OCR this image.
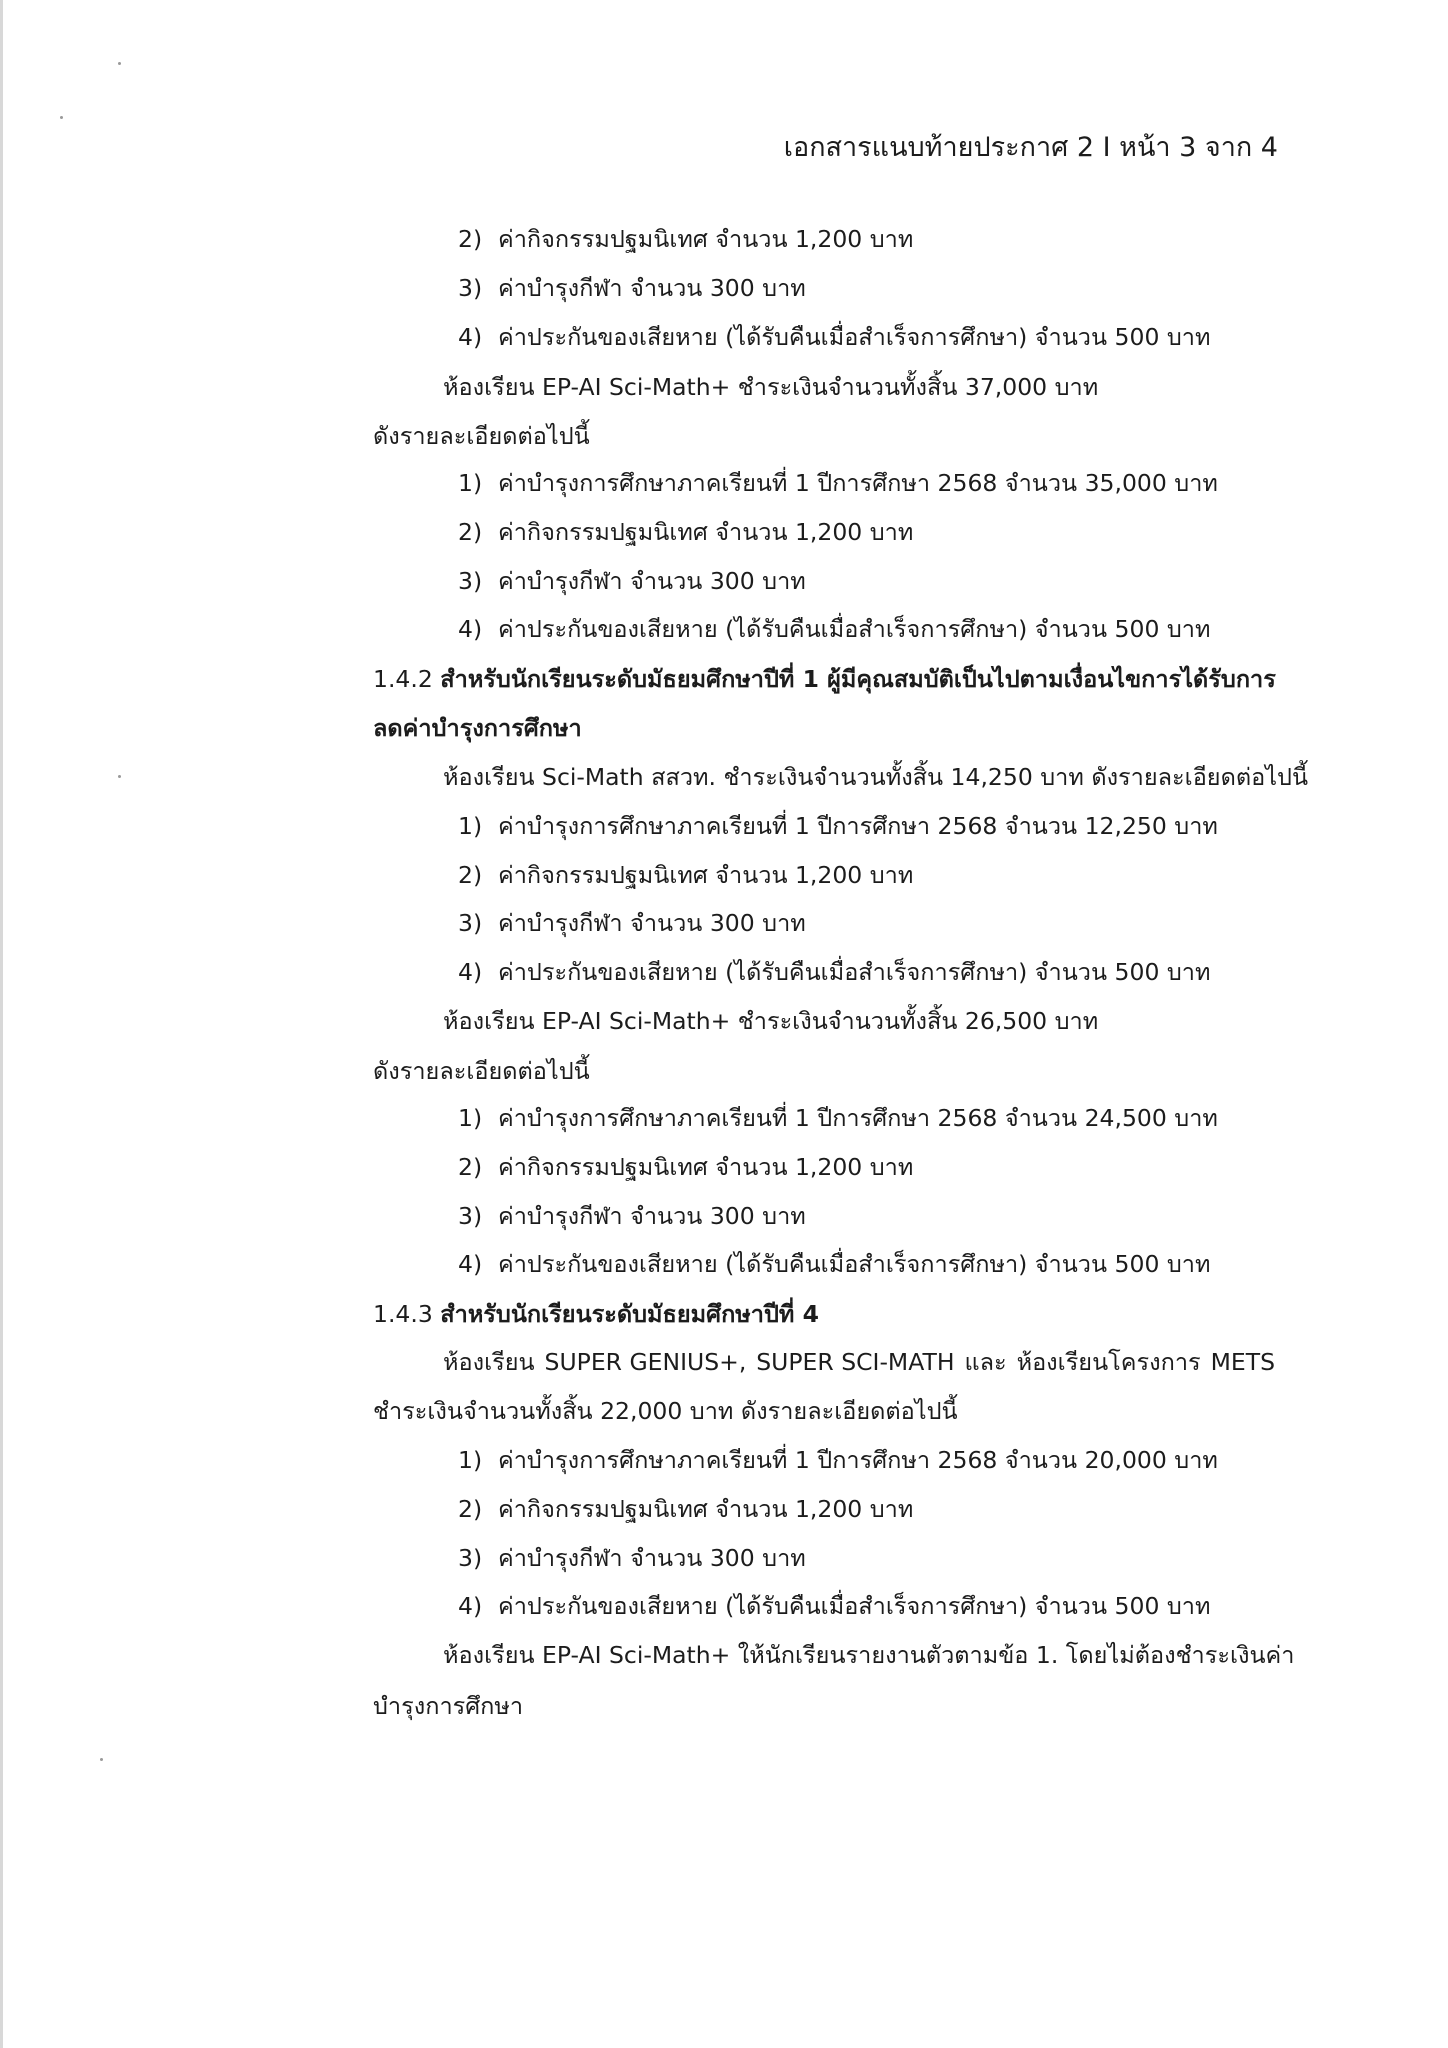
เอกสารแนบท้ายประกาศ 2 I หน้า 3 จาก 4
2) ค่ากิจกรรมปฐมนิเทศ จำนวน 1,200 บาท
3) ค่าบำรุงกีฬา จำนวน 300 บาท
4) ค่าประกันของเสียหาย (ได้รับคืนเมื่อสำเร็จการศึกษา) จำนวน 500 บาท
ห้องเรียน EP-AI Sci-Math+ ชำระเงินจำนวนทั้งสิ้น 37,000 บาท
ดังรายละเอียดต่อไปนี้
1) ค่าบำรุงการศึกษาภาคเรียนที่ 1 ปีการศึกษา 2568 จำนวน 35,000 บาท
2) ค่ากิจกรรมปฐมนิเทศ จำนวน 1,200 บาท
3) ค่าบำรุงกีฬา จำนวน 300 บาท
4) ค่าประกันของเสียหาย (ได้รับคืนเมื่อสำเร็จการศึกษา) จำนวน 500 บาท
1.4.2 สำหรับนักเรียนระดับมัธยมศึกษาปีที่ 1 ผู้มีคุณสมบัติเป็นไปตามเงื่อนไขการได้รับการ
ลดค่าบำรุงการศึกษา
ห้องเรียน Sci-Math สสวท. ชำระเงินจำนวนทั้งสิ้น 14,250 บาท ดังรายละเอียดต่อไปนี้
1) ค่าบำรุงการศึกษาภาคเรียนที่ 1 ปีการศึกษา 2568 จำนวน 12,250 บาท
2) ค่ากิจกรรมปฐมนิเทศ จำนวน 1,200 บาท
3) ค่าบำรุงกีฬา จำนวน 300 บาท
4) ค่าประกันของเสียหาย (ได้รับคืนเมื่อสำเร็จการศึกษา) จำนวน 500 บาท
ห้องเรียน EP-AI Sci-Math+ ชำระเงินจำนวนทั้งสิ้น 26,500 บาท
ดังรายละเอียดต่อไปนี้
1) ค่าบำรุงการศึกษาภาคเรียนที่ 1 ปีการศึกษา 2568 จำนวน 24,500 บาท
2) ค่ากิจกรรมปฐมนิเทศ จำนวน 1,200 บาท
3) ค่าบำรุงกีฬา จำนวน 300 บาท
4) ค่าประกันของเสียหาย (ได้รับคืนเมื่อสำเร็จการศึกษา) จำนวน 500 บาท
1.4.3 สำหรับนักเรียนระดับมัธยมศึกษาปีที่ 4
ห้องเรียน SUPER GENIUS+, SUPER SCI-MATH และ ห้องเรียนโครงการ METS
ชำระเงินจำนวนทั้งสิ้น 22,000 บาท ดังรายละเอียดต่อไปนี้
1) ค่าบำรุงการศึกษาภาคเรียนที่ 1 ปีการศึกษา 2568 จำนวน 20,000 บาท
2) ค่ากิจกรรมปฐมนิเทศ จำนวน 1,200 บาท
3) ค่าบำรุงกีฬา จำนวน 300 บาท
4) ค่าประกันของเสียหาย (ได้รับคืนเมื่อสำเร็จการศึกษา) จำนวน 500 บาท
ห้องเรียน EP-AI Sci-Math+ ให้นักเรียนรายงานตัวตามข้อ 1. โดยไม่ต้องชำระเงินค่า
บำรุงการศึกษา
